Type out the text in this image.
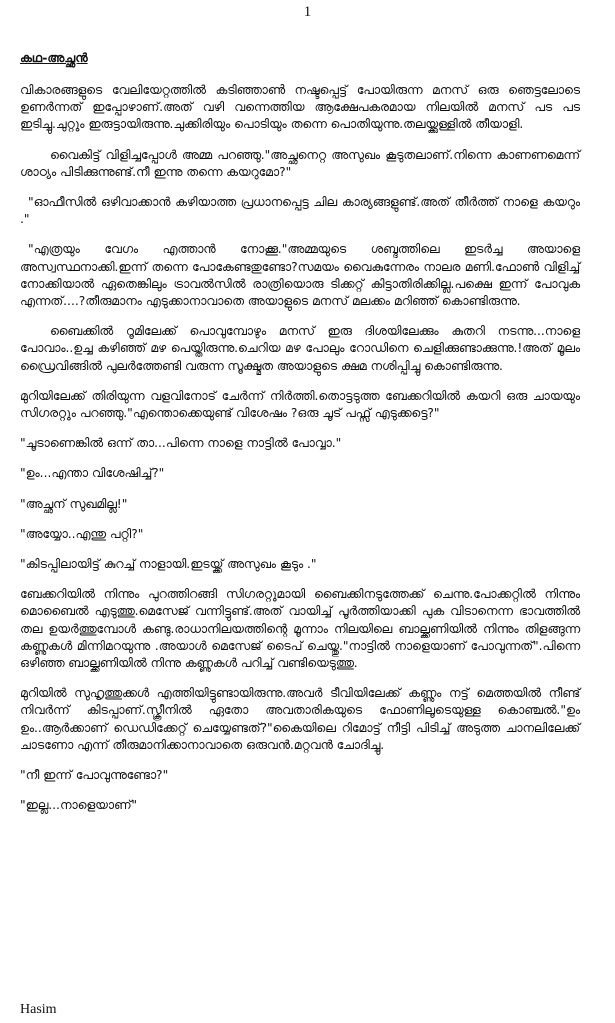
1
കഥ-അച്ഛൻ

വികാരങ്ങളുടെ വേലിയേറ്റത്തിൽ കടിഞ്ഞാൺ നഷ്ടപ്പെട്ട് പോയിരുന്ന മനസ് ഒരു ഞെട്ടലോടെ ഉണർന്നത് ഇപ്പോഴാണ്.അത് വഴി വന്നെത്തിയ ആക്ഷേപകരമായ നിലയിൽ മനസ് പട പട ഇടിച്ചു.ചുറ്റും ഇരുട്ടായിരുന്നു.ചുക്കിരിയും പൊടിയും തന്നെ പൊതിയുന്നു.തലയ്ക്കുള്ളിൽ തീയാളി.

വൈകിട്ട് വിളിച്ചപ്പോൾ അമ്മ പറഞ്ഞു."അച്ഛനെറ്റ അസുഖം കൂടുതലാണ്.നിന്നെ കാണണമെന്ന് ശാഠ്യം പിടിക്കുന്നുണ്ട്.നീ ഇന്നു തന്നെ കയറുമോ?"

"ഓഫീസിൽ ഒഴിവാക്കാൻ കഴിയാത്ത പ്രധാനപ്പെട്ട ചില കാര്യങ്ങളുണ്ട്.അത് തീർത്ത് നാളെ കയറും ."

"എത്രയും വേഗം എത്താൻ നോക്കൂ."അമ്മയുടെ ശബ്ദത്തിലെ ഇടർച്ച അയാളെ അസ്വസ്ഥനാക്കി.ഇന്ന് തന്നെ പോകേണ്ടതുണ്ടോ?സമയം വൈകുന്നേരം നാലര മണി.ഫോൺ വിളിച്ച് നോക്കിയാൽ ഏതെങ്കിലും ട്രാവൽസിൽ രാത്രിയൊരു ടിക്കറ്റ് കിട്ടാതിരിക്കില്ല.പക്ഷെ ഇന്ന് പോവുക എന്നത്....?തീരുമാനം എടുക്കാനാവാതെ അയാളുടെ മനസ് മലക്കം മറിഞ്ഞ് കൊണ്ടിരുന്നു.

ബൈക്കിൽ റൂമിലേക്ക് പൊവുമ്പോഴും മനസ് ഇരു ദിശയിലേക്കും കുതറി നടന്നു...നാളെ പോവാം..ഉച്ച കഴിഞ്ഞ് മഴ പെയ്തിരുന്നു.ചെറിയ മഴ പോലും റോഡിനെ ചെളിക്കുണ്ടാക്കുന്നു.!അത് മൂലം ഡ്രൈവിങ്ങിൽ പുലർത്തേണ്ടി വരുന്ന സൂക്ഷ്മത അയാളുടെ ക്ഷമ നശിപ്പിച്ചു കൊണ്ടിരുന്നു.

മുറിയിലേക്ക് തിരിയുന്ന വളവിനോട് ചേർന്ന് നിർത്തി.തൊട്ടടുത്ത ബേക്കറിയിൽ കയറി ഒരു ചായയും സിഗരറ്റും പറഞ്ഞു."എന്തൊക്കെയുണ്ട് വിശേഷം ?ഒരു ചൂട് പഫ്സ് എടുക്കട്ടെ?"

"ചൂടാണെങ്കിൽ ഒന്ന് താ...പിന്നെ നാളെ നാട്ടിൽ പോവ്വാ."

"ഉം...എന്താ വിശേഷിച്ച്?"

"അച്ഛന് സുഖമില്ല!"

"അയ്യോ..എന്തു പറ്റി?"

"കിടപ്പിലായിട്ട് കുറച്ച് നാളായി.ഇടയ്ക്ക് അസുഖം കൂടും ."

ബേക്കറിയിൽ നിന്നും പുറത്തിറങ്ങി സിഗരറ്റുമായി ബൈക്കിനടുത്തേക്ക് ചെന്നു.പോക്കറ്റിൽ നിന്നും മൊബൈൽ എടുത്തു.മെസേജ് വന്നിട്ടുണ്ട്.അത് വായിച്ച് പൂർത്തിയാക്കി പുക വിടാനെന്ന ഭാവത്തിൽ തല ഉയർത്തുമ്പോൾ കണ്ടു.രാധാനിലയത്തിന്റെ മൂന്നാം നിലയിലെ ബാല്ക്കണിയിൽ നിന്നും തിളങ്ങുന്ന കണ്ണുകൾ മിന്നിമറയുന്നു .അയാൾ മെസേജ് ടൈപ് ചെയ്തു."നാട്ടിൽ നാളെയാണ് പോവുന്നത്".പിന്നെ ഒഴിഞ്ഞ ബാല്ക്കണിയിൽ നിന്നു കണ്ണുകൾ പറിച്ച് വണ്ടിയെടുത്തു.

മുറിയിൽ സുഹൃത്തുക്കൾ എത്തിയിട്ടുണ്ടായിരുന്നു.അവർ ടീവിയിലേക്ക് കണ്ണും നട്ട് മെത്തയിൽ നീണ്ട് നിവർന്ന് കിടപ്പാണ്.സ്ക്രീനിൽ ഏതോ അവതാരികയുടെ ഫോണിലൂടെയുള്ള കൊഞ്ചൽ."ഉം ഉം..ആർക്കാണ് ഡെഡിക്കേറ്റ് ചെയ്യേണ്ടത്?"കൈയിലെ റിമോട്ട് നീട്ടി പിടിച്ച് അടുത്ത ചാനലിലേക്ക് ചാടണോ എന്ന് തീരുമാനിക്കാനാവാതെ ഒരുവൻ.മറ്റവൻ ചോദിച്ചു.

"നീ ഇന്ന് പോവുന്നുണ്ടോ?"

"ഇല്ല...നാളെയാണ്"

Hasim
